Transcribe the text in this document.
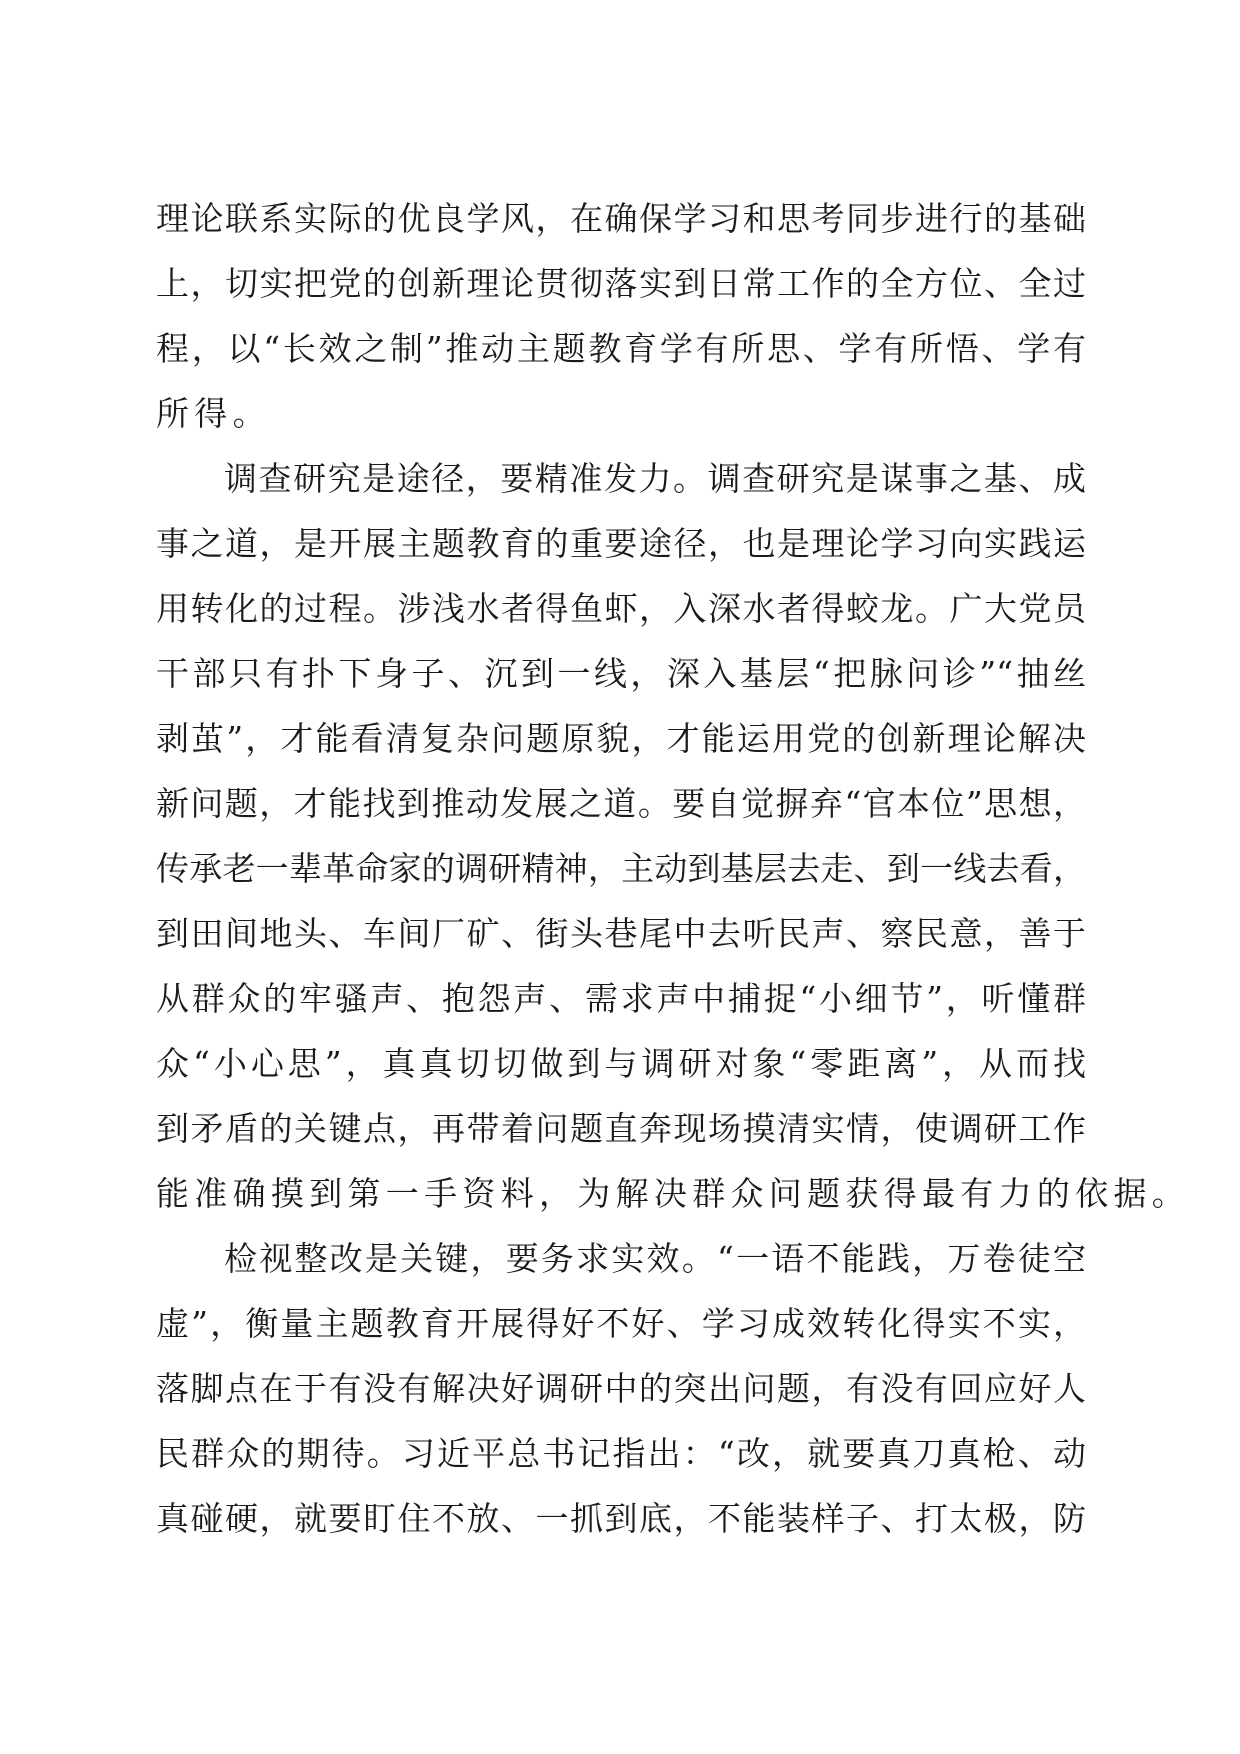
理论联系实际的优良学风，在确保学习和思考同步进行的基础
上，切实把党的创新理论贯彻落实到日常工作的全方位、全过
程，以“长效之制”推动主题教育学有所思、学有所悟、学有
所得。
调查研究是途径，要精准发力。调查研究是谋事之基、成
事之道，是开展主题教育的重要途径，也是理论学习向实践运
用转化的过程。涉浅水者得鱼虾，入深水者得蛟龙。广大党员
干部只有扑下身子、沉到一线，深入基层“把脉问诊”“抽丝
剥茧”，才能看清复杂问题原貌，才能运用党的创新理论解决
新问题，才能找到推动发展之道。要自觉摒弃“官本位”思想，
传承老一辈革命家的调研精神，主动到基层去走、到一线去看，
到田间地头、车间厂矿、街头巷尾中去听民声、察民意，善于
从群众的牢骚声、抱怨声、需求声中捕捉“小细节”，听懂群
众“小心思”，真真切切做到与调研对象“零距离”，从而找
到矛盾的关键点，再带着问题直奔现场摸清实情，使调研工作
能准确摸到第一手资料，为解决群众问题获得最有力的依据。
检视整改是关键，要务求实效。“一语不能践，万卷徒空
虚”，衡量主题教育开展得好不好、学习成效转化得实不实，
落脚点在于有没有解决好调研中的突出问题，有没有回应好人
民群众的期待。习近平总书记指出：“改，就要真刀真枪、动
真碰硬，就要盯住不放、一抓到底，不能装样子、打太极，防
